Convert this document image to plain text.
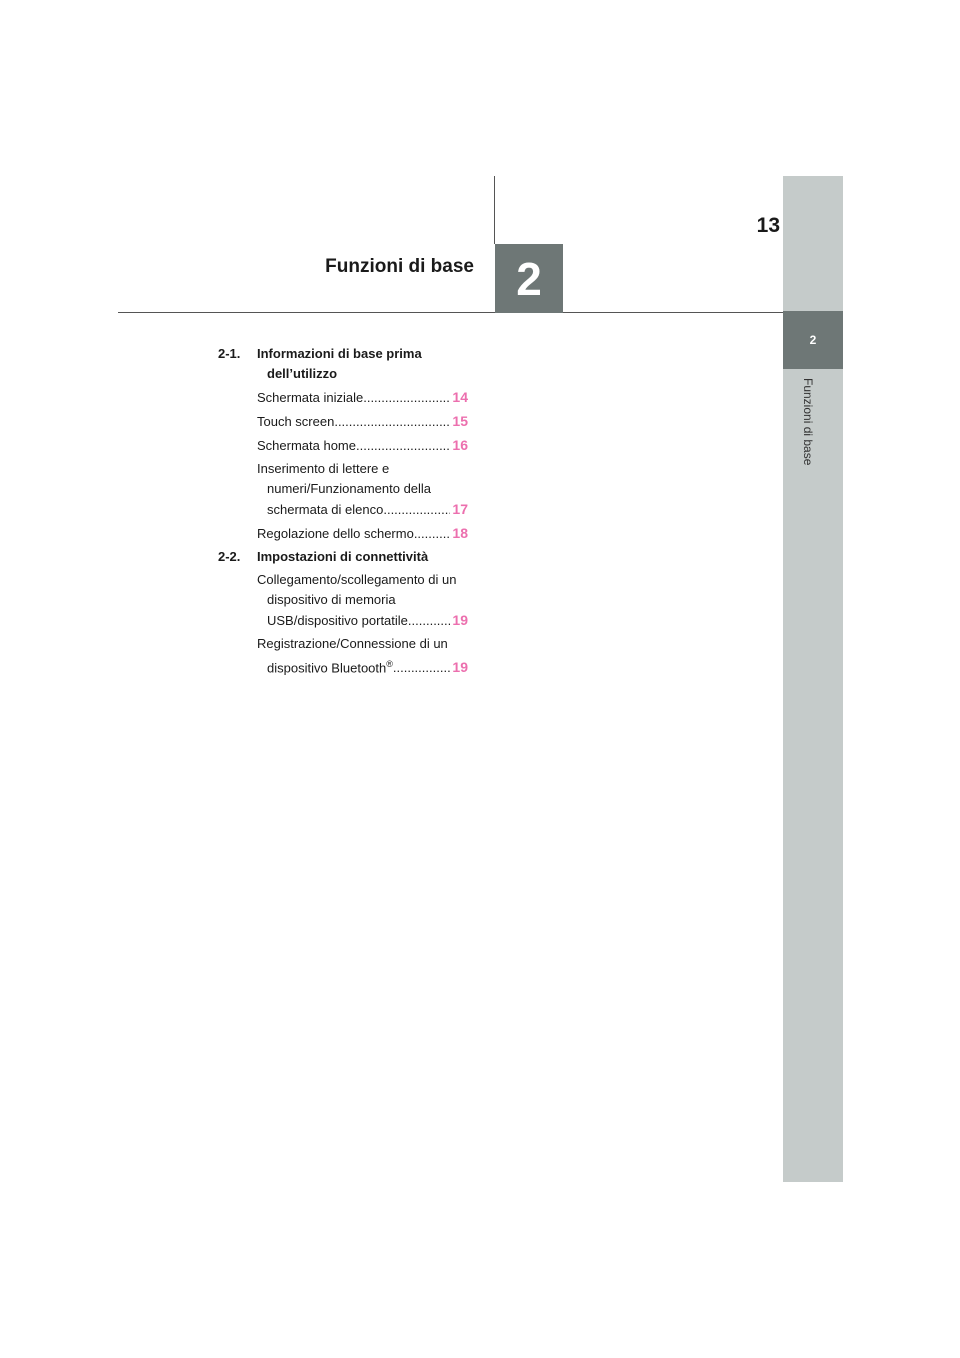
13
Funzioni di base 2
2
Funzioni di base
2-1. Informazioni di base prima
dell’utilizzo
Schermata iniziale .....	14
Touch screen .....	15
Schermata home .....	16
Inserimento di lettere e
numeri/Funzionamento della
schermata di elenco .....	17
Regolazione dello schermo .....	18
2-2. Impostazioni di connettività
Collegamento/scollegamento di un
dispositivo di memoria
USB/dispositivo portatile .....	19
Registrazione/Connessione di un
dispositivo Bluetooth® .....	19
